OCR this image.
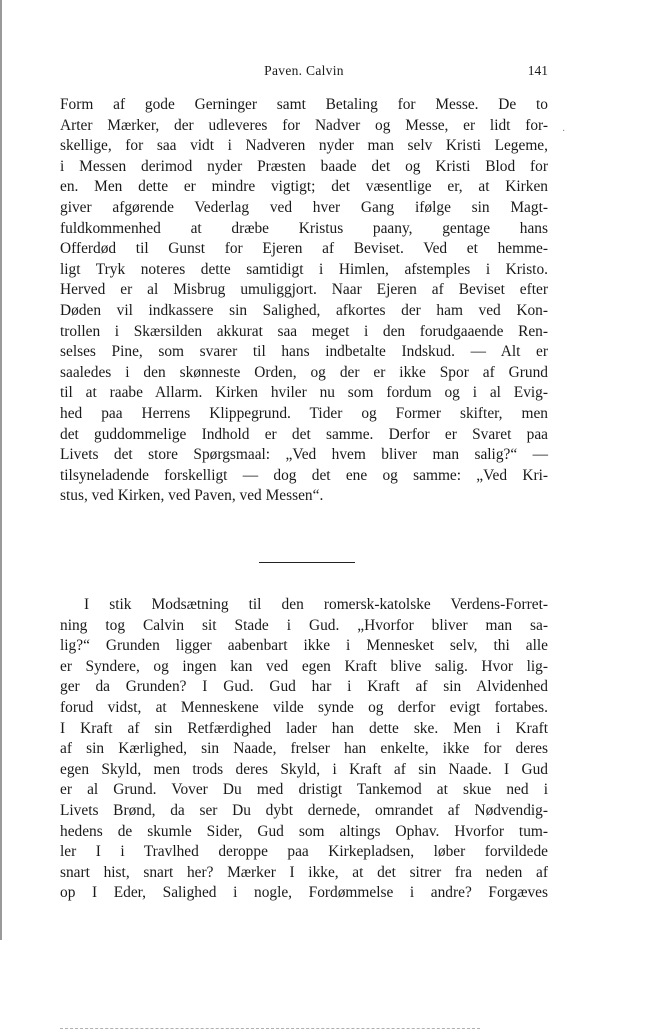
Paven. Calvin	141
·
Form af gode Gerninger samt Betaling for Messe. De to
Arter Mærker, der udleveres for Nadver og Messe, er lidt for-
skellige, for saa vidt i Nadveren nyder man selv Kristi Legeme,
i Messen derimod nyder Præsten baade det og Kristi Blod for
en. Men dette er mindre vigtigt; det væsentlige er, at Kirken
giver afgørende Vederlag ved hver Gang ifølge sin Magt-
fuldkommenhed at dræbe Kristus paany, gentage hans
Offerdød til Gunst for Ejeren af Beviset. Ved et hemme-
ligt Tryk noteres dette samtidigt i Himlen, afstemples i Kristo.
Herved er al Misbrug umuliggjort. Naar Ejeren af Beviset efter
Døden vil indkassere sin Salighed, afkortes der ham ved Kon-
trollen i Skærsilden akkurat saa meget i den forudgaaende Ren-
selses Pine, som svarer til hans indbetalte Indskud. — Alt er
saaledes i den skønneste Orden, og der er ikke Spor af Grund
til at raabe Allarm. Kirken hviler nu som fordum og i al Evig-
hed paa Herrens Klippegrund. Tider og Former skifter, men
det guddommelige Indhold er det samme. Derfor er Svaret paa
Livets det store Spørgsmaal: „Ved hvem bliver man salig?“ —
tilsyneladende forskelligt — dog det ene og samme: „Ved Kri-
stus, ved Kirken, ved Paven, ved Messen“.
I stik Modsætning til den romersk-katolske Verdens-Forret-
ning tog Calvin sit Stade i Gud. „Hvorfor bliver man sa-
lig?“ Grunden ligger aabenbart ikke i Mennesket selv, thi alle
er Syndere, og ingen kan ved egen Kraft blive salig. Hvor lig-
ger da Grunden? I Gud. Gud har i Kraft af sin Alvidenhed
forud vidst, at Menneskene vilde synde og derfor evigt fortabes.
I Kraft af sin Retfærdighed lader han dette ske. Men i Kraft
af sin Kærlighed, sin Naade, frelser han enkelte, ikke for deres
egen Skyld, men trods deres Skyld, i Kraft af sin Naade. I Gud
er al Grund. Vover Du med dristigt Tankemod at skue ned i
Livets Brønd, da ser Du dybt dernede, omrandet af Nødvendig-
hedens de skumle Sider, Gud som altings Ophav. Hvorfor tum-
ler I i Travlhed deroppe paa Kirkepladsen, løber forvildede
snart hist, snart her? Mærker I ikke, at det sitrer fra neden af
op I Eder, Salighed i nogle, Fordømmelse i andre? Forgæves
